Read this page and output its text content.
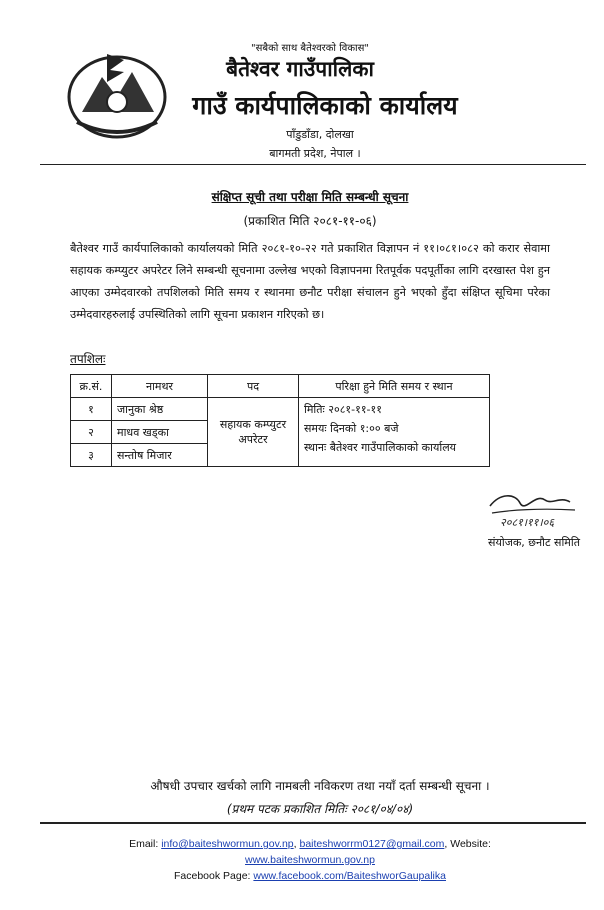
"सबैको साथ बैतेश्वरको विकास"
बैतेश्वर गाउँपालिका
गाउँ कार्यपालिकाको कार्यालय
पाँडुडाँडा, दोलखा
बागमती प्रदेश, नेपाल ।
संक्षिप्त सूची तथा परीक्षा मिति सम्बन्धी सूचना
(प्रकाशित मिति २०८१-११-०६)
बैतेश्वर गाउँ कार्यपालिकाको कार्यालयको मिति २०८१-१०-२२ गते प्रकाशित विज्ञापन नं ११।०८१।०८२ को करार सेवामा सहायक कम्प्युटर अपरेटर लिने सम्बन्धी सूचनामा उल्लेख भएको विज्ञापनमा रितपूर्वक पदपूर्तीका लागि दरखास्त पेश हुन आएका उम्मेदवारको तपशिलको मिति समय र स्थानमा छनौट परीक्षा संचालन हुने भएको हुँदा संक्षिप्त सूचिमा परेका उम्मेदवारहरुलाई उपस्थितिको लागि सूचना प्रकाशन गरिएको छ।
तपशिलः
क्र.सं.	नामथर	पद	परिक्षा हुने मिति समय र स्थान
१	जानुका श्रेष्ठ	सहायक कम्प्युटर अपरेटर	मितिः २०८१-११-११
समयः दिनको १:०० बजे
स्थानः बैतेश्वर गाउँपालिकाको कार्यालय

२	माधव खड्का		
३	सन्तोष मिजार		
२०८१।११।०६
संयोजक, छनौट समिति
औषधी उपचार खर्चको लागि नामबली नविकरण तथा नयाँ दर्ता सम्बन्धी सूचना ।
(प्रथम पटक प्रकाशित मितिः २०८१/०४/०४)
Email: info@baiteshwormun.gov.np, baiteshworrm0127@gmail.com, Website:
www.baiteshwormun.gov.np
Facebook Page: www.facebook.com/BaiteshworGaupalika
